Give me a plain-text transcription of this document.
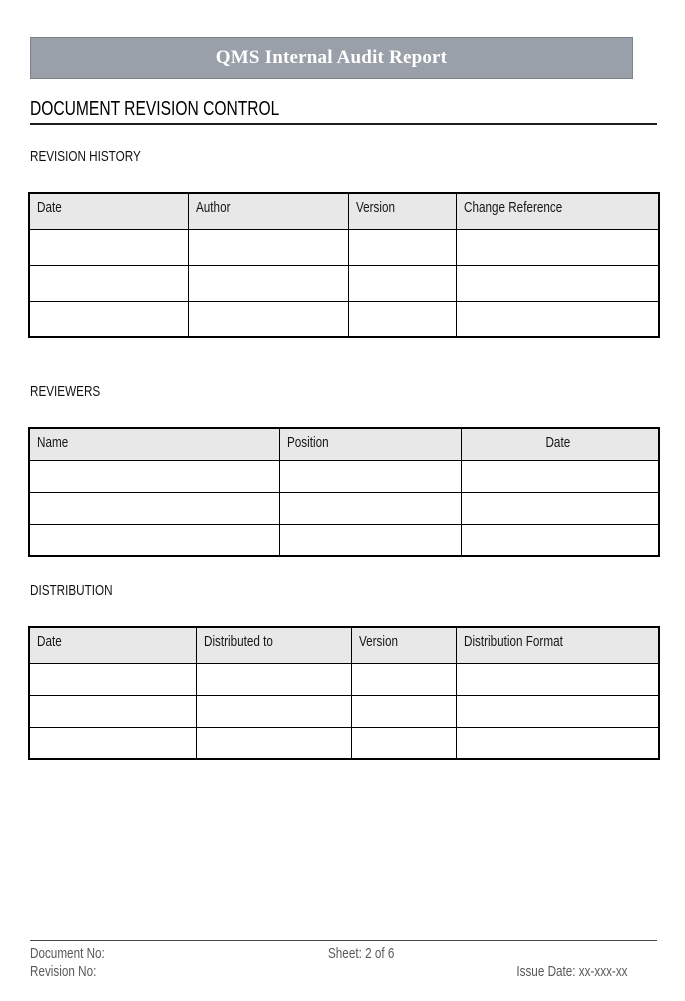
QMS Internal Audit Report
DOCUMENT REVISION CONTROL
REVISION HISTORY
Date	Author	Version	Change Reference

REVIEWERS
Name	Position	Date

DISTRIBUTION
Date	Distributed to	Version	Distribution Format

Document No:	Sheet: 2 of 6
Revision No:	Issue Date: xx-xxx-xx
